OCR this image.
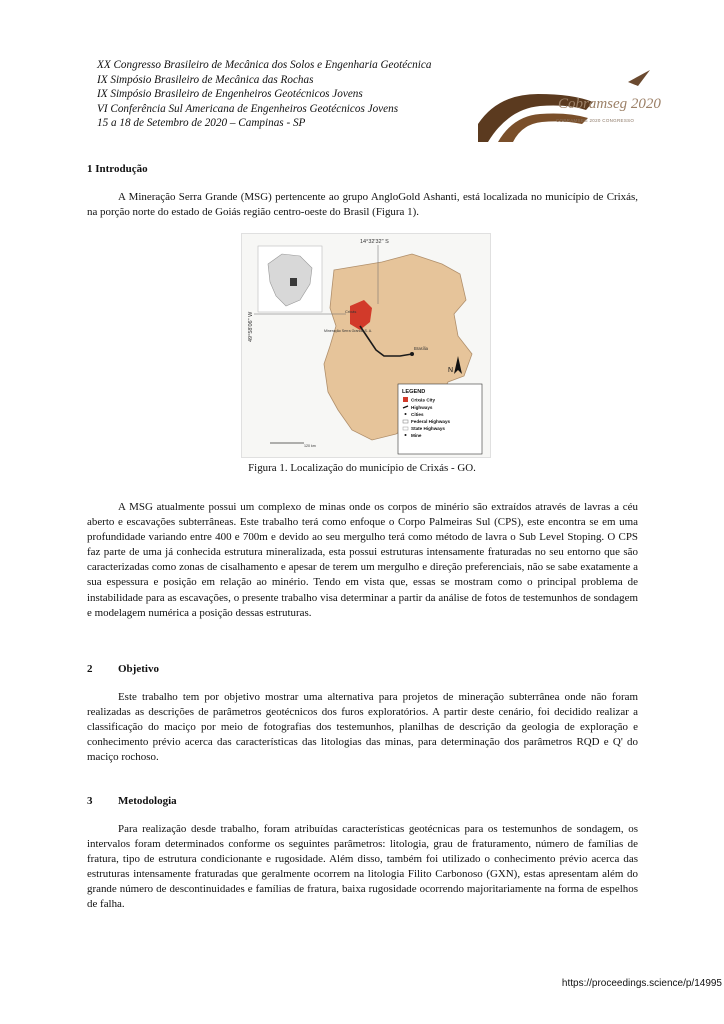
XX Congresso Brasileiro de Mecânica dos Solos e Engenharia Geotécnica
IX Simpósio Brasileiro de Mecânica das Rochas
IX Simpósio Brasileiro de Engenheiros Geotécnicos Jovens
VI Conferência Sul Americana de Engenheiros Geotécnicos Jovens
15 a 18 de Setembro de 2020 – Campinas - SP
Cobramseg 2020
COBRAMSEG 2020 CONGRESSO
1 Introdução

A Mineração Serra Grande (MSG) pertencente ao grupo AngloGold Ashanti, está localizada no município de Crixás, na porção norte do estado de Goiás região centro-oeste do Brasil (Figura 1).

14°32'32" S
49°58'06" W
Crixás
Mineração Serra Grande S. A.
Brasília
N
120 km
LEGEND
Crixás City
Highways
Cities
Federal Highways
State Highways
Mine
Figura 1. Localização do município de Crixás - GO.

A MSG atualmente possui um complexo de minas onde os corpos de minério são extraídos através de lavras a céu aberto e escavações subterrâneas. Este trabalho terá como enfoque o Corpo Palmeiras Sul (CPS), este encontra se em uma profundidade variando entre 400 e 700m e devido ao seu mergulho terá como método de lavra o Sub Level Stoping. O CPS faz parte de uma já conhecida estrutura mineralizada, esta possui estruturas intensamente fraturadas no seu entorno que são caracterizadas como zonas de cisalhamento e apesar de terem um mergulho e direção preferenciais, não se sabe exatamente a sua espessura e posição em relação ao minério. Tendo em vista que, essas se mostram como o principal problema de instabilidade para as escavações, o presente trabalho visa determinar a partir da análise de fotos de testemunhos de sondagem e modelagem numérica a posição dessas estruturas.

2 Objetivo

Este trabalho tem por objetivo mostrar uma alternativa para projetos de mineração subterrânea onde não foram realizadas as descrições de parâmetros geotécnicos dos furos exploratórios. A partir deste cenário, foi decidido realizar a classificação do maciço por meio de fotografias dos testemunhos, planilhas de descrição da geologia de exploração e conhecimento prévio acerca das características das litologias das minas, para determinação dos parâmetros RQD e Q' do maciço rochoso.

3 Metodologia

Para realização desde trabalho, foram atribuídas características geotécnicas para os testemunhos de sondagem, os intervalos foram determinados conforme os seguintes parâmetros: litologia, grau de fraturamento, número de famílias de fratura, tipo de estrutura condicionante e rugosidade. Além disso, também foi utilizado o conhecimento prévio acerca das estruturas intensamente fraturadas que geralmente ocorrem na litologia Filito Carbonoso (GXN), estas apresentam além do grande número de descontinuidades e famílias de fratura, baixa rugosidade ocorrendo majoritariamente na forma de espelhos de falha.

https://proceedings.science/p/14995
